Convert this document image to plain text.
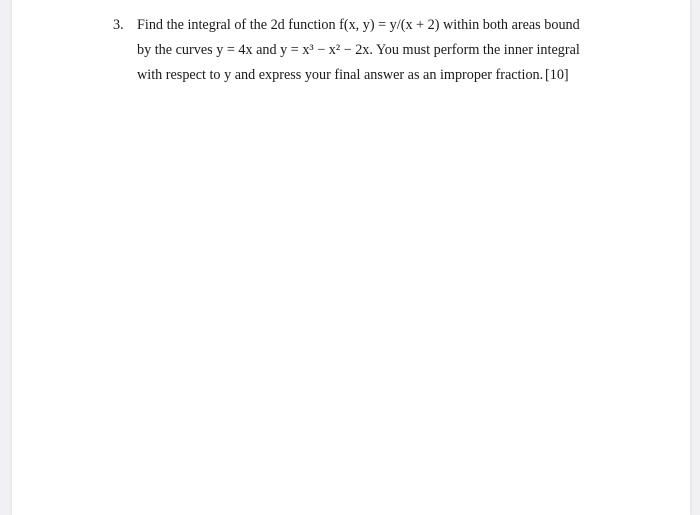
3. Find the integral of the 2d function f(x, y) = y/(x + 2) within both areas bound
by the curves y = 4x and y = x³ − x² − 2x. You must perform the inner integral
with respect to y and express your final answer as an improper fraction. [10]
